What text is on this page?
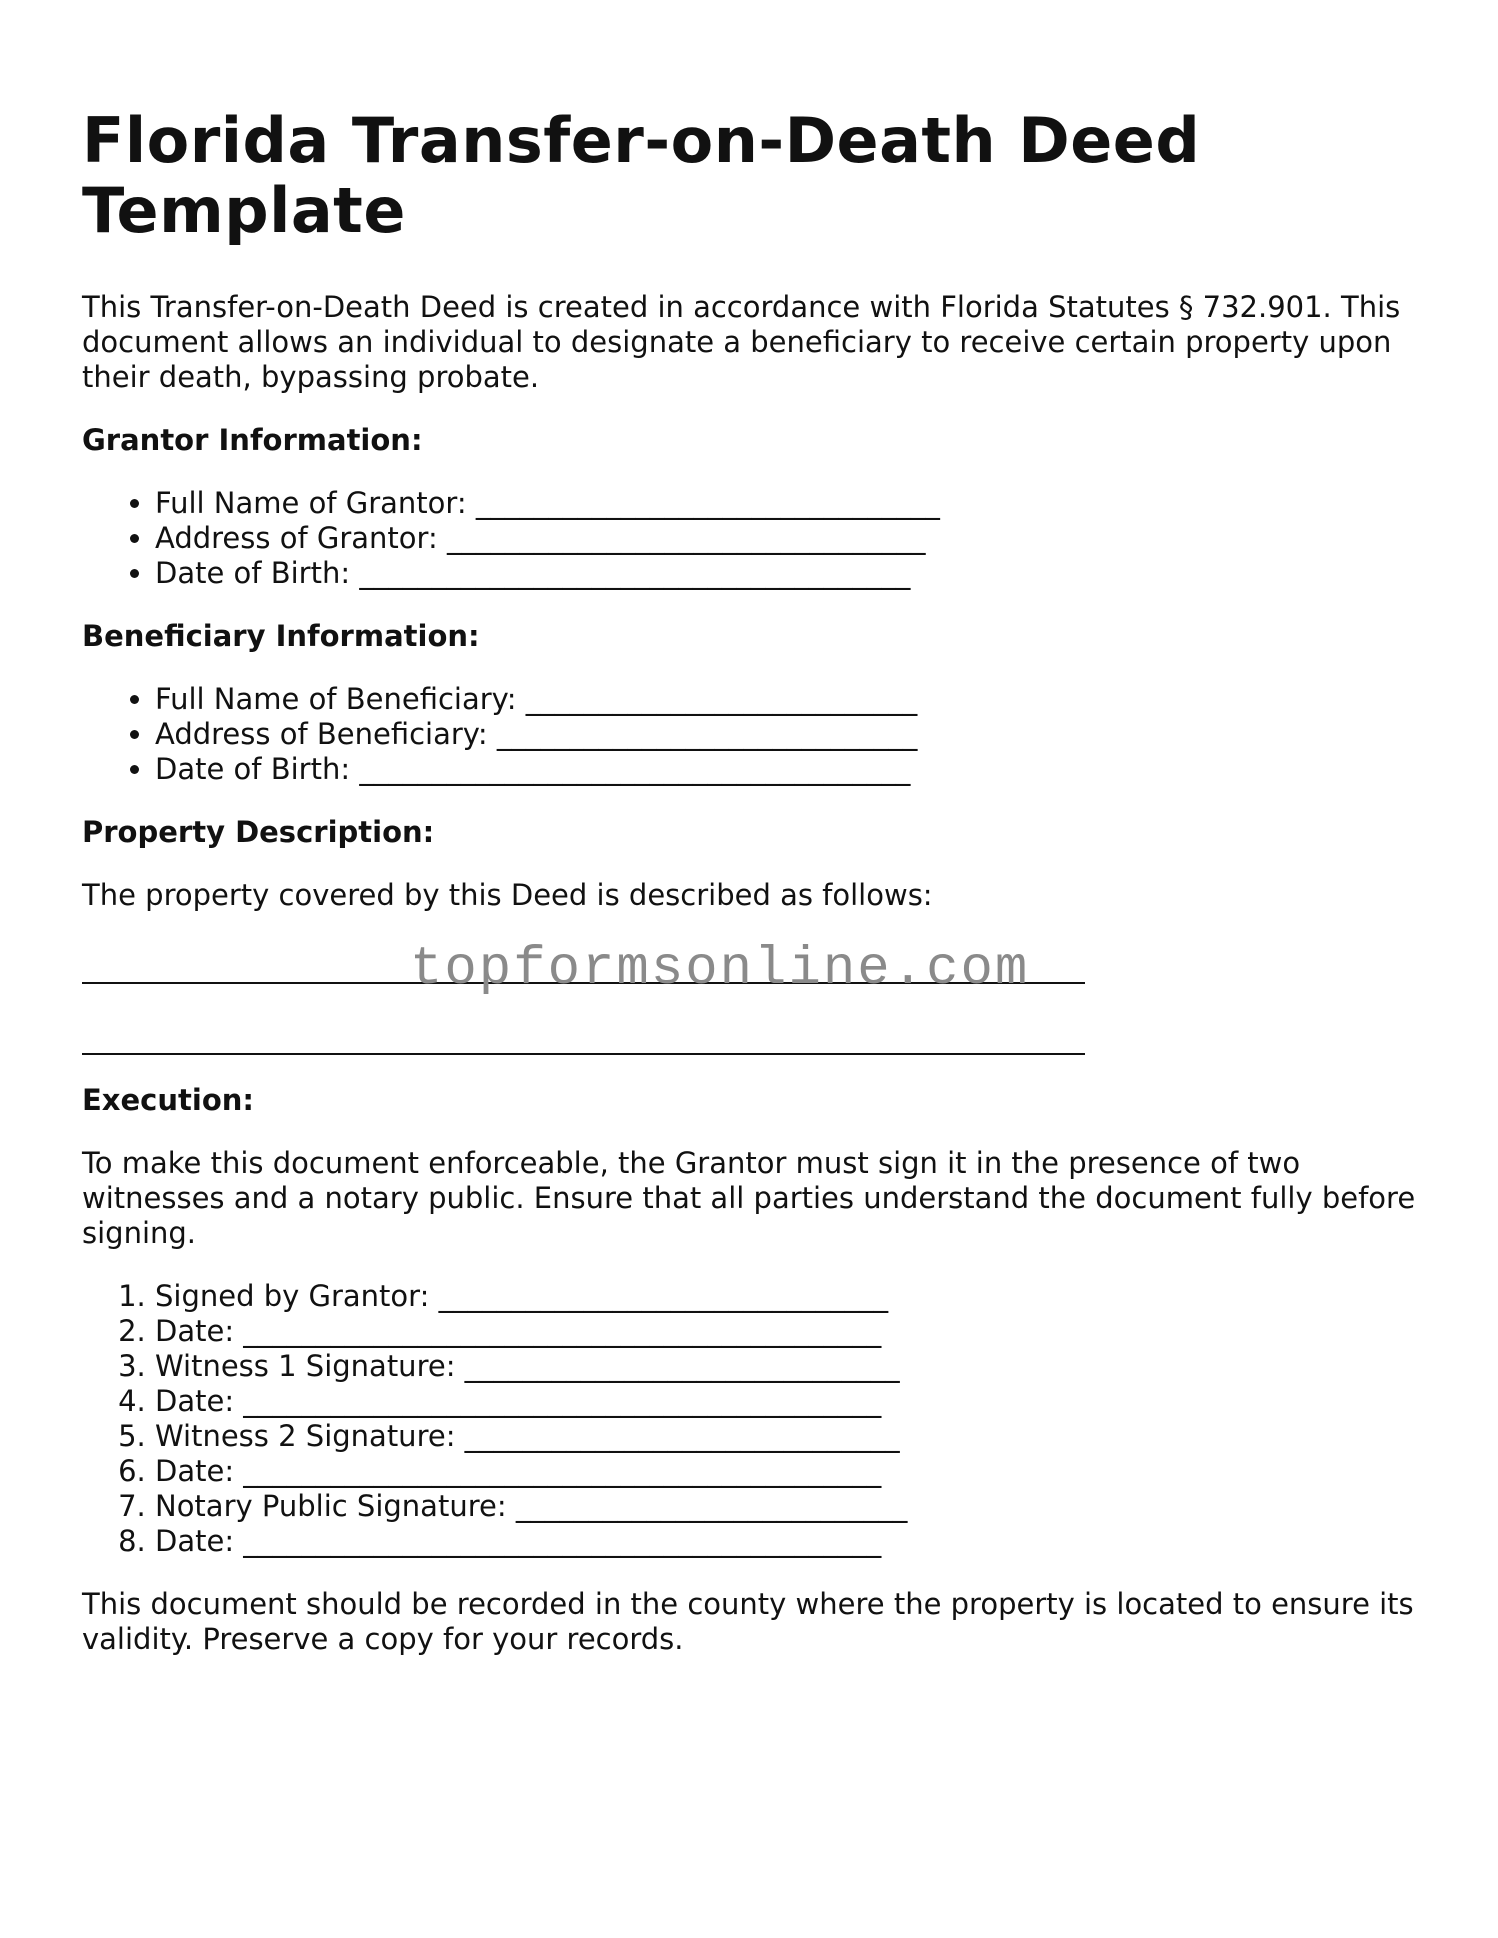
Florida Transfer-on-Death Deed Template

This Transfer-on-Death Deed is created in accordance with Florida Statutes § 732.901. This document allows an individual to designate a beneficiary to receive certain property upon their death, bypassing probate.

Grantor Information:

• Full Name of Grantor: ________________________________
• Address of Grantor: _________________________________
• Date of Birth: ______________________________________

Beneficiary Information:

• Full Name of Beneficiary: ___________________________
• Address of Beneficiary: _____________________________
• Date of Birth: ______________________________________

Property Description:

The property covered by this Deed is described as follows:

Execution:

To make this document enforceable, the Grantor must sign it in the presence of two witnesses and a notary public. Ensure that all parties understand the document fully before signing.

1. Signed by Grantor: _______________________________
2. Date: ____________________________________________
3. Witness 1 Signature: ______________________________
4. Date: ____________________________________________
5. Witness 2 Signature: ______________________________
6. Date: ____________________________________________
7. Notary Public Signature: ___________________________
8. Date: ____________________________________________

This document should be recorded in the county where the property is located to ensure its validity. Preserve a copy for your records.

topformsonline.com
